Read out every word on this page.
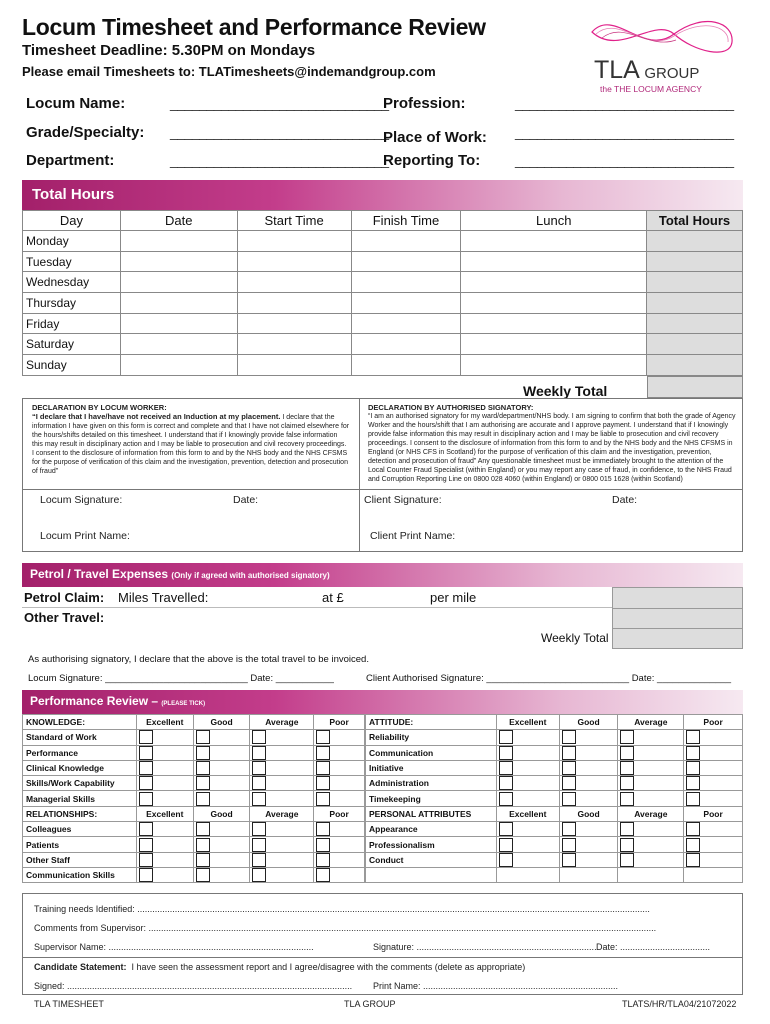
Locum Timesheet and Performance Review
Timesheet Deadline: 5.30PM on Mondays
Please email Timesheets to: TLATimesheets@indemandgroup.com	TLA GROUP
the THE LOCUM AGENCY
Locum Name:	______________________________
Grade/Specialty: ______________________________
Department:	______________________________
Profession:	______________________________
Place of Work: ______________________________
Reporting To: ______________________________
Total Hours
Day	Date	Start Time	Finish Time	Lunch	Total Hours
Monday					
Tuesday					
Wednesday					
Thursday					
Friday					
Saturday					
Sunday					
Weekly Total
DECLARATION BY LOCUM WORKER:
“I declare that I have/have not received an Induction at my placement. I declare that the information I have given on this form is correct and complete and that I have not claimed elsewhere for the hours/shifts detailed on this timesheet. I understand that if I knowingly provide false information this may result in disciplinary action and I may be liable to prosecution and civil recovery proceedings. I consent to the disclosure of information from this form to and by the NHS body and the NHS CFSMS for the purpose of verification of this claim and the investigation, prevention, detection and prosecution of fraud”
DECLARATION BY AUTHORISED SIGNATORY:
“I am an authorised signatory for my ward/department/NHS body. I am signing to confirm that both the grade of Agency Worker and the hours/shift that I am authorising are accurate and I approve payment. I understand that if I knowingly provide false information this may result in disciplinary action and I may be liable to prosecution and civil recovery proceedings. I consent to the disclosure of information from this form to and by the NHS body and the NHS CFSMS in England (or NHS CFS in Scotland) for the purpose of verification of this claim and the investigation, prevention, detection and prosecution of fraud” Any questionable timesheet must be immediately brought to the attention of the Local Counter Fraud Specialist (within England) or you may report any case of fraud, in confidence, to the NHS Fraud and Corruption Reporting Line on 0800 028 4060 (within England) or 0800 015 1628 (within Scotland)
Locum Signature:	Date:	Client Signature:	Date:
Locum Print Name:	Client Print Name:
Petrol / Travel Expenses (Only if agreed with authorised signatory)
Petrol Claim: Miles Travelled:	at £	per mile
Other Travel:
Weekly Total
As authorising signatory, I declare that the above is the total travel to be invoiced.
Locum Signature: ___________________________ Date: ___________	Client Authorised Signature: ___________________________ Date: ______________
Performance Review – (PLEASE TICK)
KNOWLEDGE:	Excellent	Good	Average	Poor
Standard of Work				
Performance				
Clinical Knowledge				
Skills/Work Capability				
Managerial Skills				
RELATIONSHIPS:	Excellent	Good	Average	Poor
Colleagues				
Patients				
Other Staff				
Communication Skills				
ATTITUDE:	Excellent	Good	Average	Poor
Reliability				
Communication				
Initiative				
Administration				
Timekeeping				
PERSONAL ATTRIBUTES	Excellent	Good	Average	Poor
Appearance				
Professionalism				
Conduct				

Training needs Identified: .............................................................................................................................................................................................................
Comments from Supervisor: ...........................................................................................................................................................................................................
Supervisor Name: ..................................................................................	Signature: ........................................................................ Date: ....................................
Candidate Statement: I have seen the assessment report and I agree/disagree with the comments (delete as appropriate)
Signed: ..................................................................................................................	Print Name: ..............................................................................
TLA TIMESHEET	TLA GROUP	TLATS/HR/TLA04/21072022
